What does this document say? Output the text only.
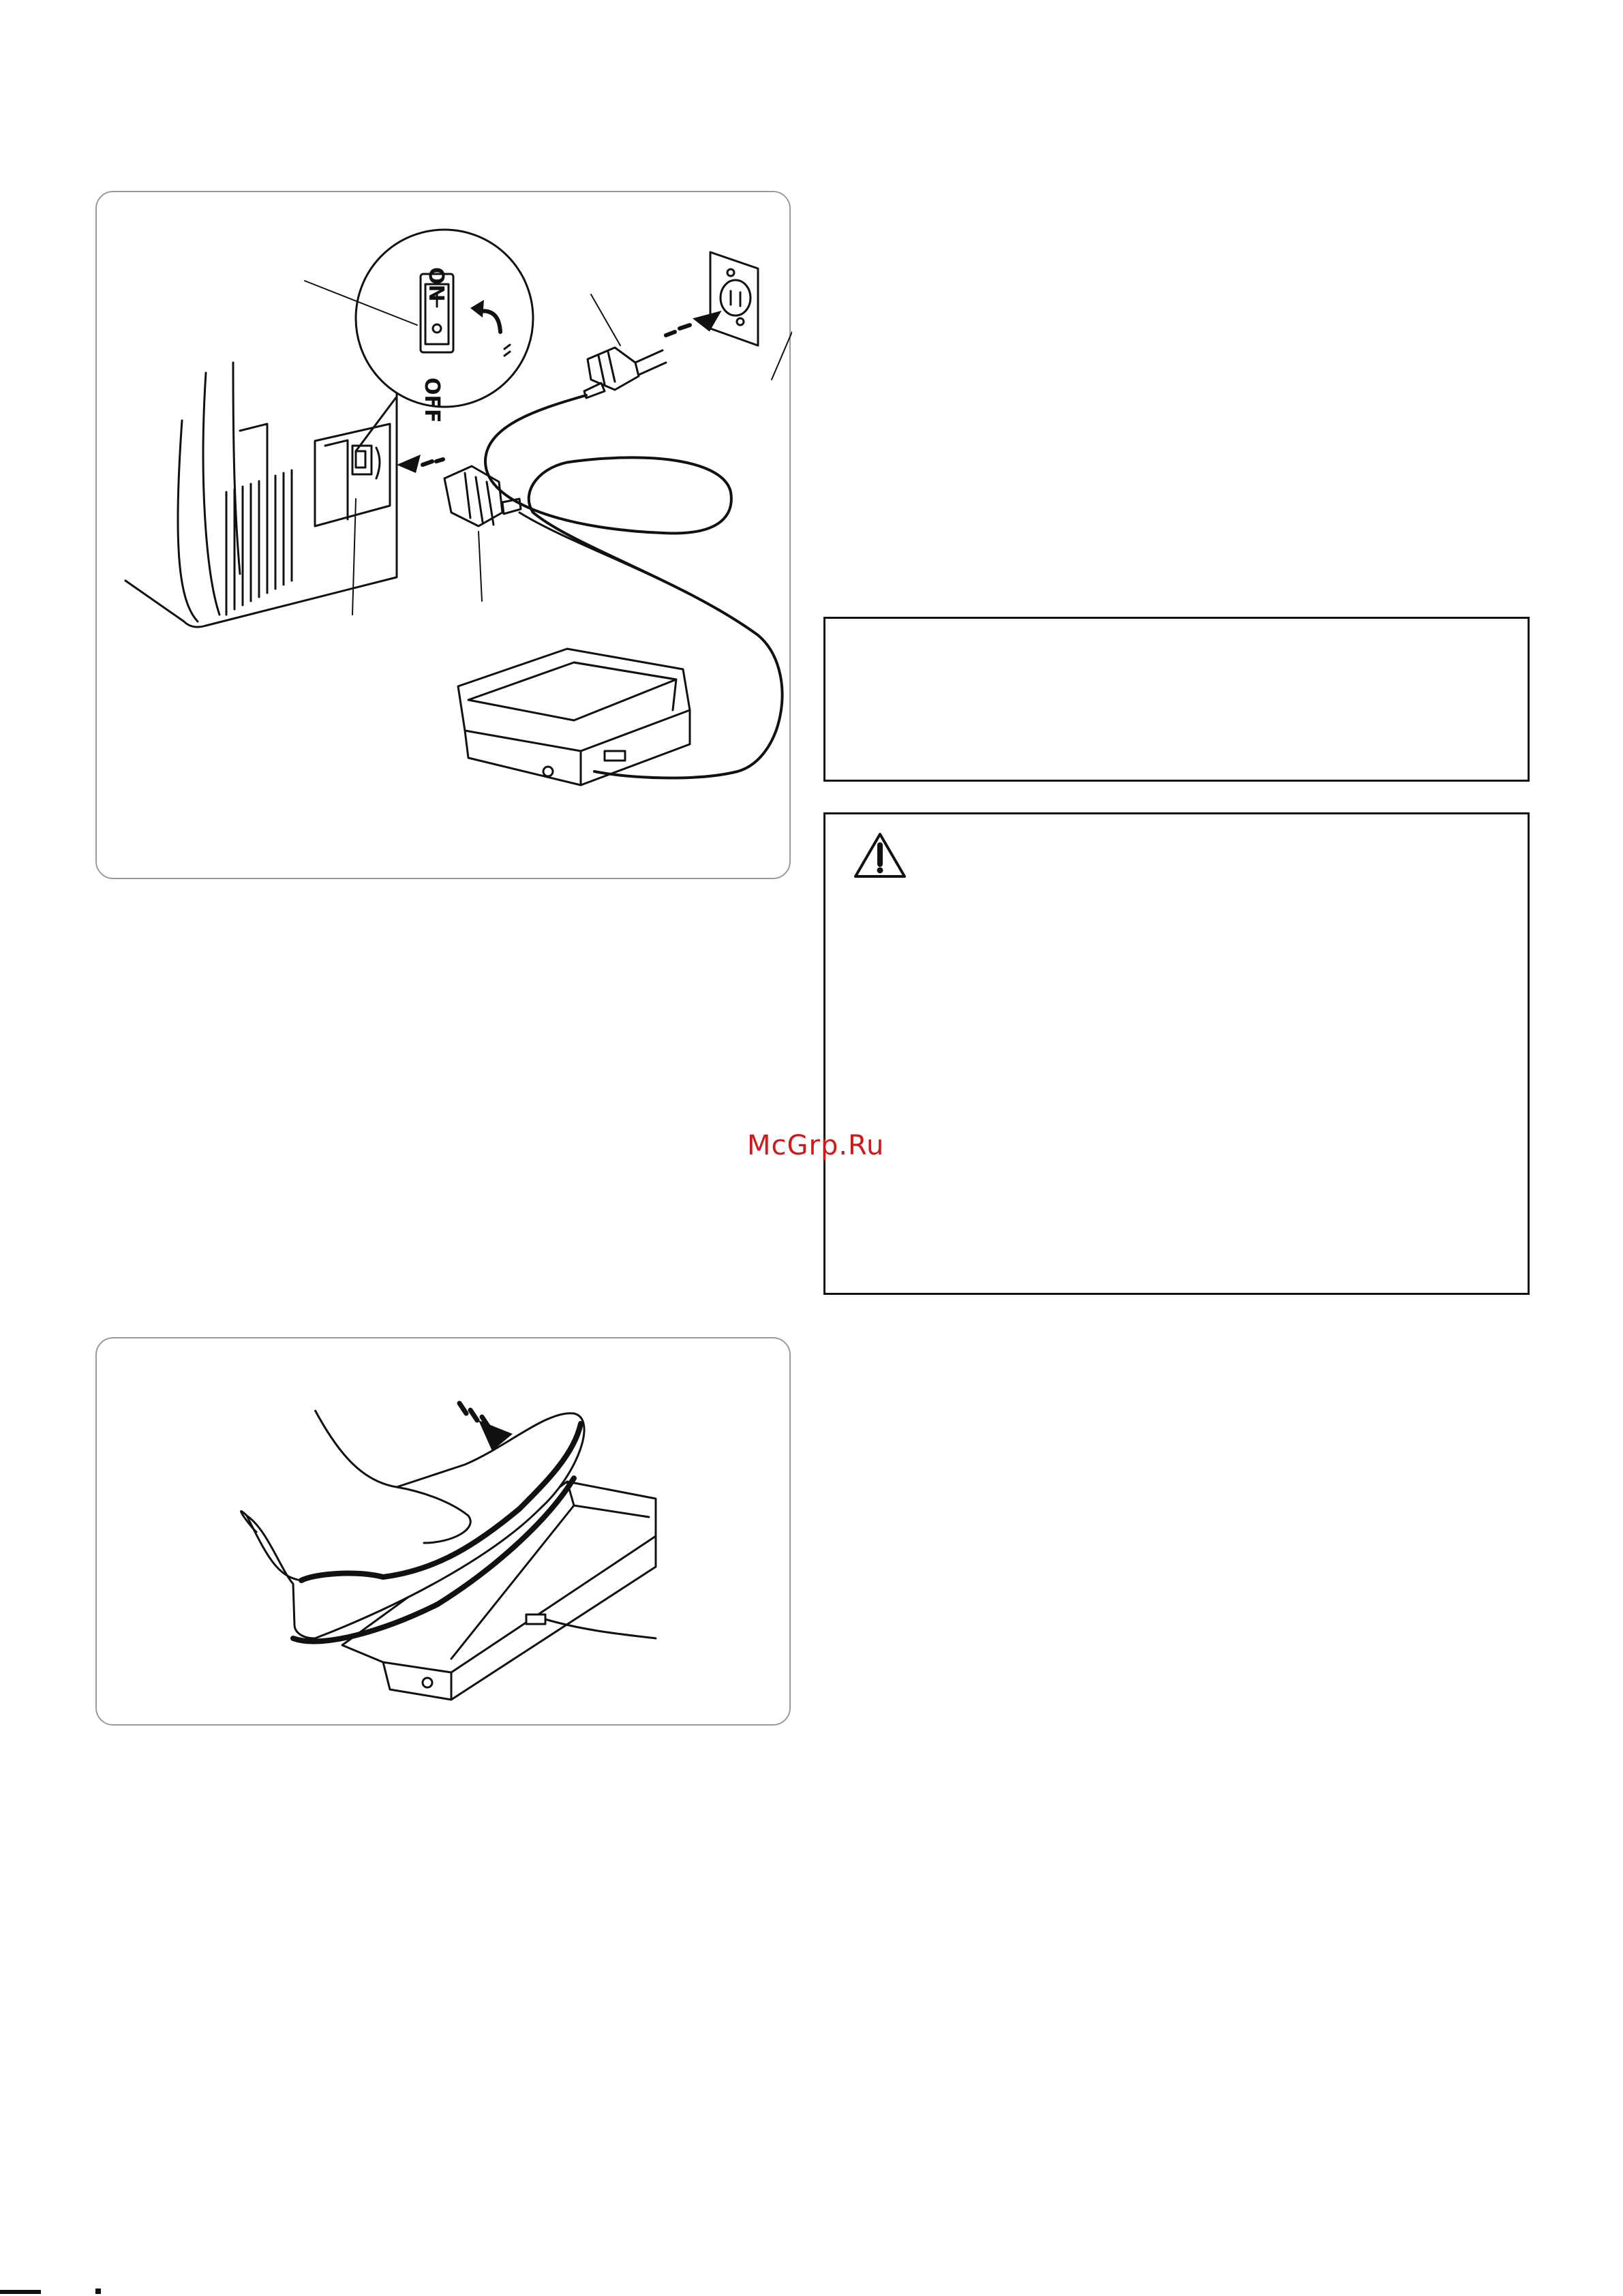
ON
OFF
McGrp.Ru
